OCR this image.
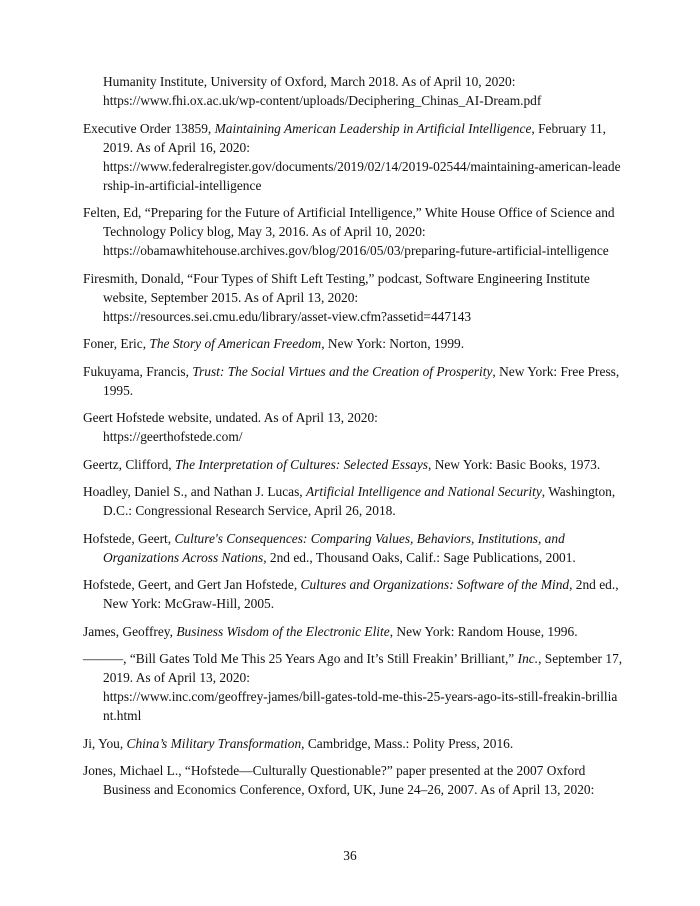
Humanity Institute, University of Oxford, March 2018. As of April 10, 2020:
https://www.fhi.ox.ac.uk/wp-content/uploads/Deciphering_Chinas_AI-Dream.pdf

Executive Order 13859, Maintaining American Leadership in Artificial Intelligence, February 11, 2019. As of April 16, 2020:
https://www.federalregister.gov/documents/2019/02/14/2019-02544/maintaining-american-leadership-in-artificial-intelligence

Felten, Ed, “Preparing for the Future of Artificial Intelligence,” White House Office of Science and Technology Policy blog, May 3, 2016. As of April 10, 2020:
https://obamawhitehouse.archives.gov/blog/2016/05/03/preparing-future-artificial-intelligence

Firesmith, Donald, “Four Types of Shift Left Testing,” podcast, Software Engineering Institute website, September 2015. As of April 13, 2020:
https://resources.sei.cmu.edu/library/asset-view.cfm?assetid=447143

Foner, Eric, The Story of American Freedom, New York: Norton, 1999.

Fukuyama, Francis, Trust: The Social Virtues and the Creation of Prosperity, New York: Free Press, 1995.

Geert Hofstede website, undated. As of April 13, 2020:
https://geerthofstede.com/

Geertz, Clifford, The Interpretation of Cultures: Selected Essays, New York: Basic Books, 1973.

Hoadley, Daniel S., and Nathan J. Lucas, Artificial Intelligence and National Security, Washington, D.C.: Congressional Research Service, April 26, 2018.

Hofstede, Geert, Culture's Consequences: Comparing Values, Behaviors, Institutions, and Organizations Across Nations, 2nd ed., Thousand Oaks, Calif.: Sage Publications, 2001.

Hofstede, Geert, and Gert Jan Hofstede, Cultures and Organizations: Software of the Mind, 2nd ed., New York: McGraw-Hill, 2005.

James, Geoffrey, Business Wisdom of the Electronic Elite, New York: Random House, 1996.

———, “Bill Gates Told Me This 25 Years Ago and It’s Still Freakin’ Brilliant,” Inc., September 17, 2019. As of April 13, 2020:
https://www.inc.com/geoffrey-james/bill-gates-told-me-this-25-years-ago-its-still-freakin-brilliant.html

Ji, You, China’s Military Transformation, Cambridge, Mass.: Polity Press, 2016.

Jones, Michael L., “Hofstede—Culturally Questionable?” paper presented at the 2007 Oxford Business and Economics Conference, Oxford, UK, June 24–26, 2007. As of April 13, 2020:

36
